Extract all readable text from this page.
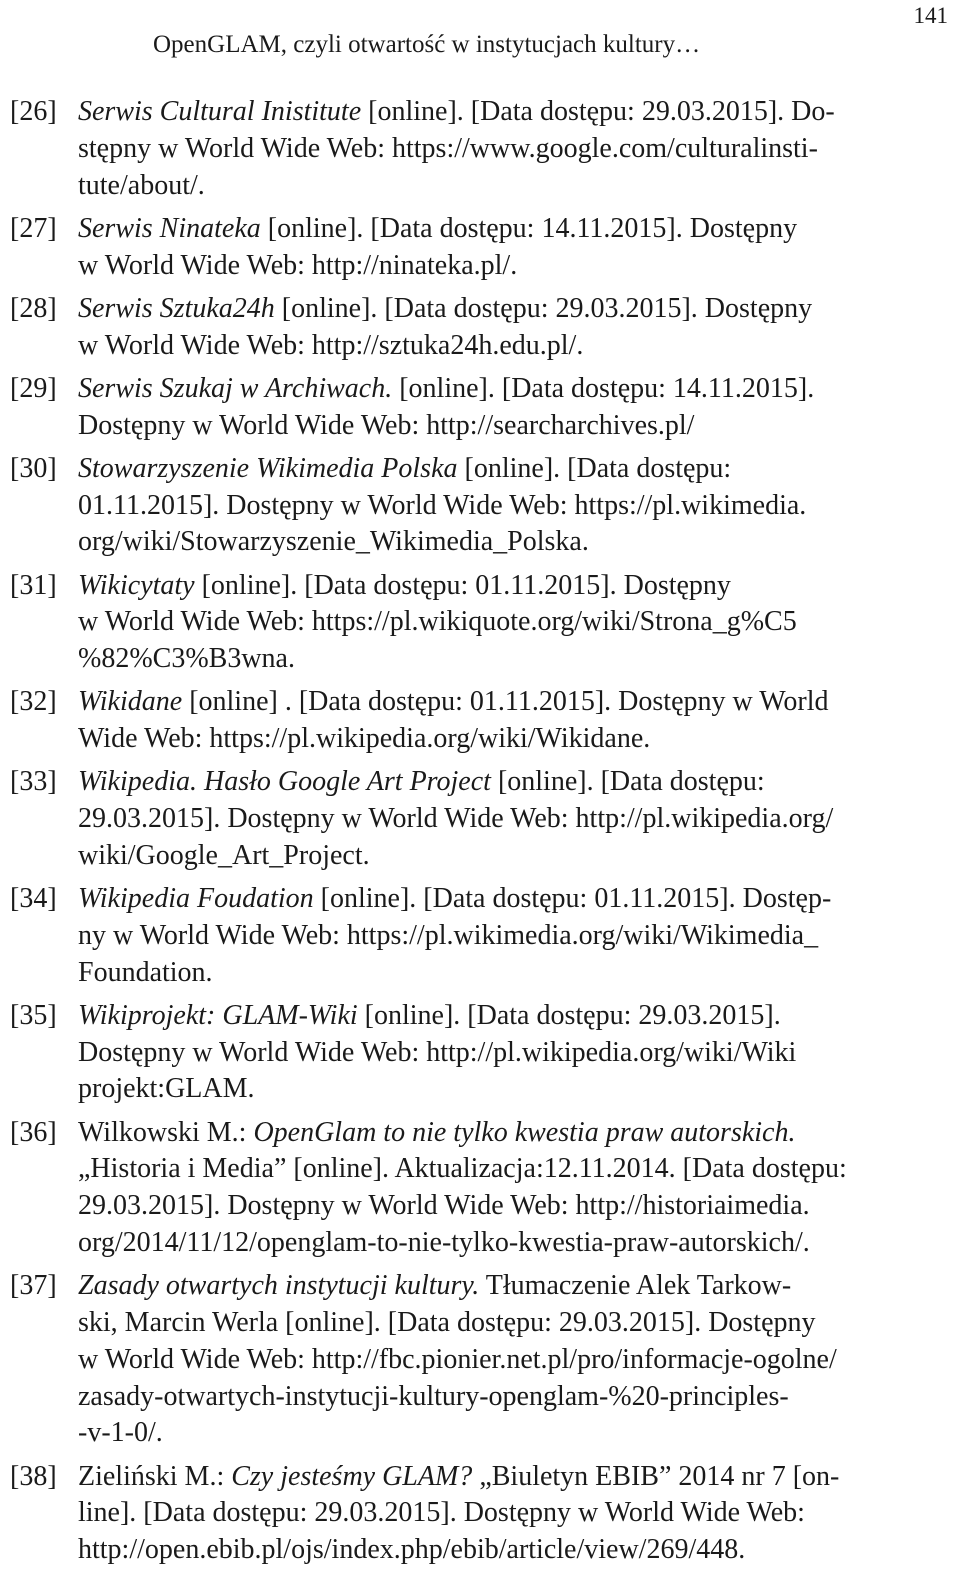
141
OpenGLAM, czyli otwartość w instytucjach kultury…
[26] Serwis Cultural Inistitute [online]. [Data dostępu: 29.03.2015]. Do-
stępny w World Wide Web: https://www.google.com/culturalinsti-
tute/about/.
[27] Serwis Ninateka [online]. [Data dostępu: 14.11.2015]. Dostępny
w World Wide Web: http://ninateka.pl/.
[28] Serwis Sztuka24h [online]. [Data dostępu: 29.03.2015]. Dostępny
w World Wide Web: http://sztuka24h.edu.pl/.
[29] Serwis Szukaj w Archiwach. [online]. [Data dostępu: 14.11.2015].
Dostępny w World Wide Web: http://searcharchives.pl/
[30] Stowarzyszenie Wikimedia Polska [online]. [Data dostępu:
01.11.2015]. Dostępny w World Wide Web: https://pl.wikimedia.
org/wiki/Stowarzyszenie_Wikimedia_Polska.
[31] Wikicytaty [online]. [Data dostępu: 01.11.2015]. Dostępny
w World Wide Web: https://pl.wikiquote.org/wiki/Strona_g%C5
%82%C3%B3wna.
[32] Wikidane [online] . [Data dostępu: 01.11.2015]. Dostępny w World
Wide Web: https://pl.wikipedia.org/wiki/Wikidane.
[33] Wikipedia. Hasło Google Art Project [online]. [Data dostępu:
29.03.2015]. Dostępny w World Wide Web: http://pl.wikipedia.org/
wiki/Google_Art_Project.
[34] Wikipedia Foudation [online]. [Data dostępu: 01.11.2015]. Dostęp-
ny w World Wide Web: https://pl.wikimedia.org/wiki/Wikimedia_
Foundation.
[35] Wikiprojekt: GLAM-Wiki [online]. [Data dostępu: 29.03.2015].
Dostępny w World Wide Web: http://pl.wikipedia.org/wiki/Wiki
projekt:GLAM.
[36] Wilkowski M.: OpenGlam to nie tylko kwestia praw autorskich.
„Historia i Media” [online]. Aktualizacja:12.11.2014. [Data dostępu:
29.03.2015]. Dostępny w World Wide Web: http://historiaimedia.
org/2014/11/12/openglam-to-nie-tylko-kwestia-praw-autorskich/.
[37] Zasady otwartych instytucji kultury. Tłumaczenie Alek Tarkow-
ski, Marcin Werla [online]. [Data dostępu: 29.03.2015]. Dostępny
w World Wide Web: http://fbc.pionier.net.pl/pro/informacje-ogolne/
zasady-otwartych-instytucji-kultury-openglam-%20-principles-
-v-1-0/.
[38] Zieliński M.: Czy jesteśmy GLAM? „Biuletyn EBIB” 2014 nr 7 [on-
line]. [Data dostępu: 29.03.2015]. Dostępny w World Wide Web:
http://open.ebib.pl/ojs/index.php/ebib/article/view/269/448.
